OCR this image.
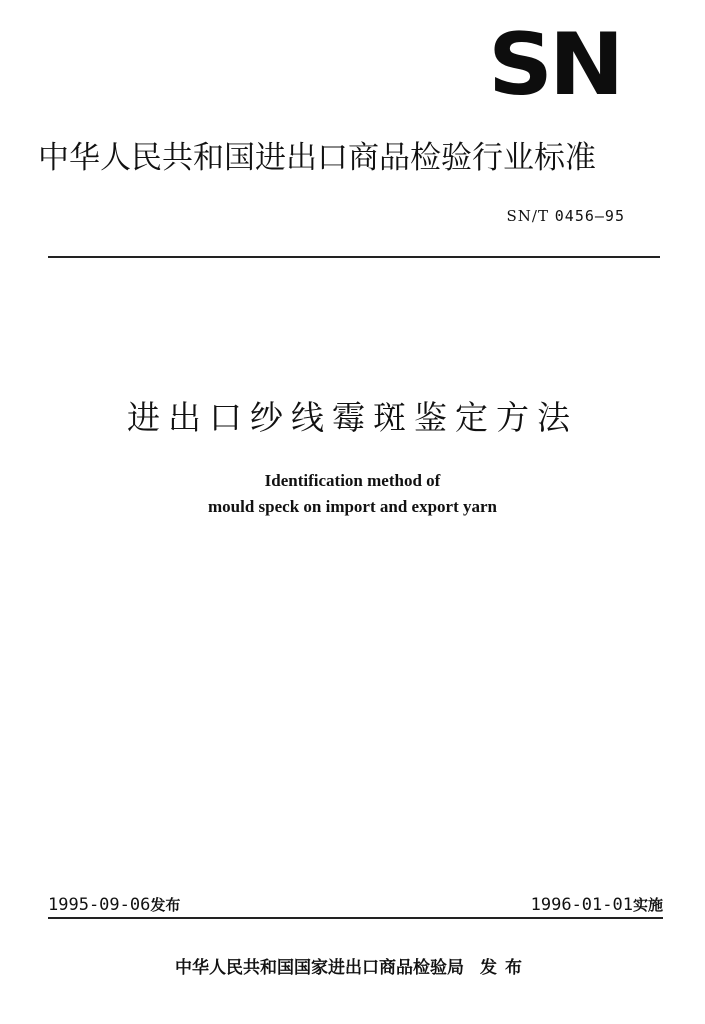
SN
中华人民共和国进出口商品检验行业标准
SN/T 0456—95
进出口纱线霉斑鉴定方法
Identification method of
mould speck on import and export yarn
1995-09-06发布	1996-01-01实施
中华人民共和国国家进出口商品检验局 发布
